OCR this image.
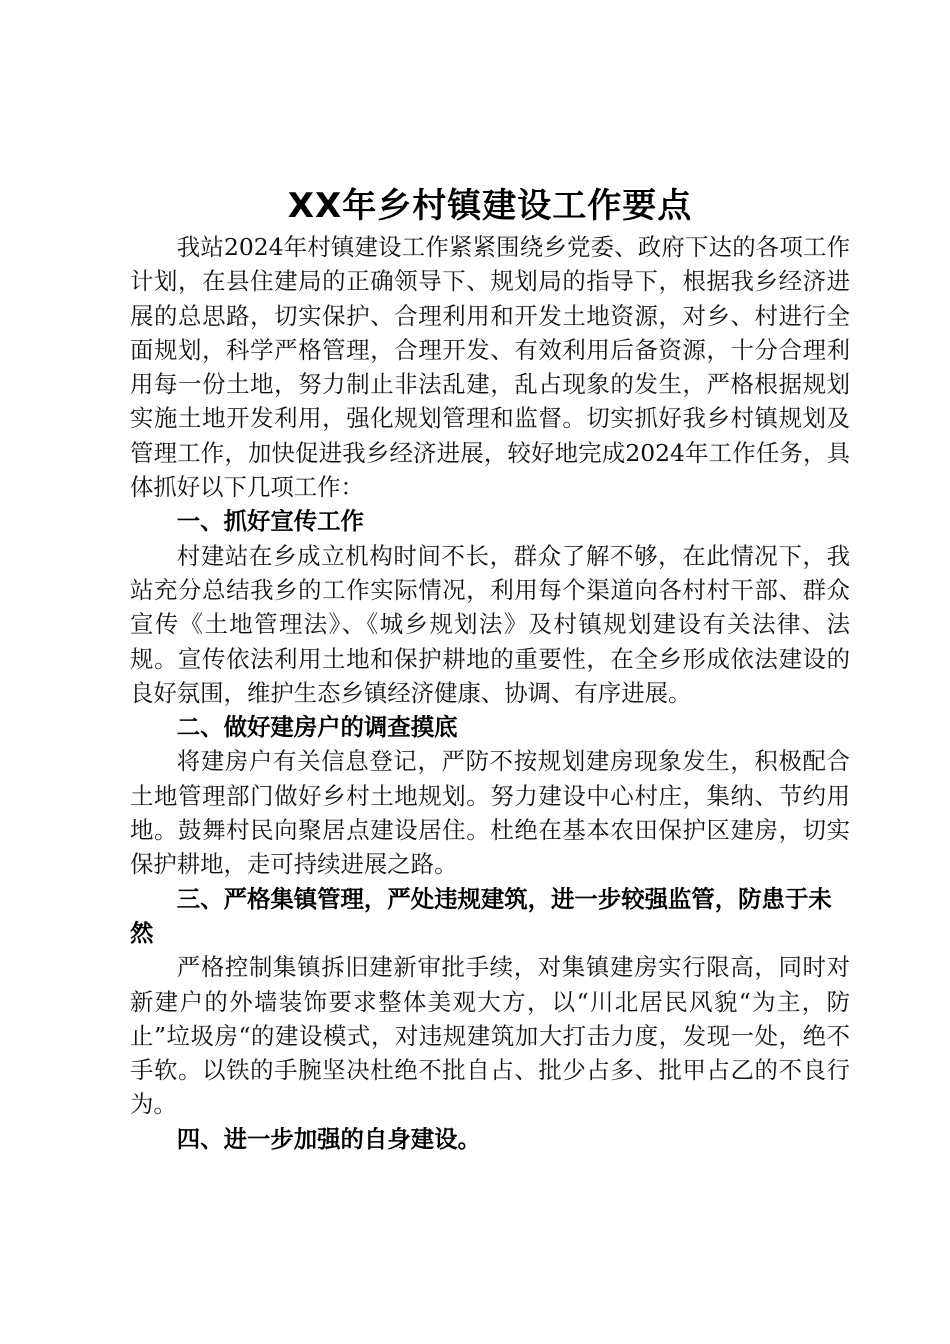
XX年乡村镇建设工作要点

我站2024年村镇建设工作紧紧围绕乡党委、政府下达的各项工作计划，在县住建局的正确领导下、规划局的指导下，根据我乡经济进展的总思路，切实保护、合理利用和开发土地资源，对乡、村进行全面规划，科学严格管理，合理开发、有效利用后备资源，十分合理利用每一份土地，努力制止非法乱建，乱占现象的发生，严格根据规划实施土地开发利用，强化规划管理和监督。切实抓好我乡村镇规划及管理工作，加快促进我乡经济进展，较好地完成2024年工作任务，具体抓好以下几项工作：

一、抓好宣传工作

村建站在乡成立机构时间不长，群众了解不够，在此情况下，我站充分总结我乡的工作实际情况，利用每个渠道向各村村干部、群众宣传《土地管理法》、《城乡规划法》及村镇规划建设有关法律、法规。宣传依法利用土地和保护耕地的重要性，在全乡形成依法建设的良好氛围，维护生态乡镇经济健康、协调、有序进展。

二、做好建房户的调查摸底

将建房户有关信息登记，严防不按规划建房现象发生，积极配合土地管理部门做好乡村土地规划。努力建设中心村庄，集纳、节约用地。鼓舞村民向聚居点建设居住。杜绝在基本农田保护区建房，切实保护耕地，走可持续进展之路。

三、严格集镇管理，严处违规建筑，进一步较强监管，防患于未然

严格控制集镇拆旧建新审批手续，对集镇建房实行限高，同时对新建户的外墙装饰要求整体美观大方，以“川北居民风貌“为主，防止”垃圾房“的建设模式，对违规建筑加大打击力度，发现一处，绝不手软。以铁的手腕坚决杜绝不批自占、批少占多、批甲占乙的不良行为。

四、进一步加强的自身建设。
